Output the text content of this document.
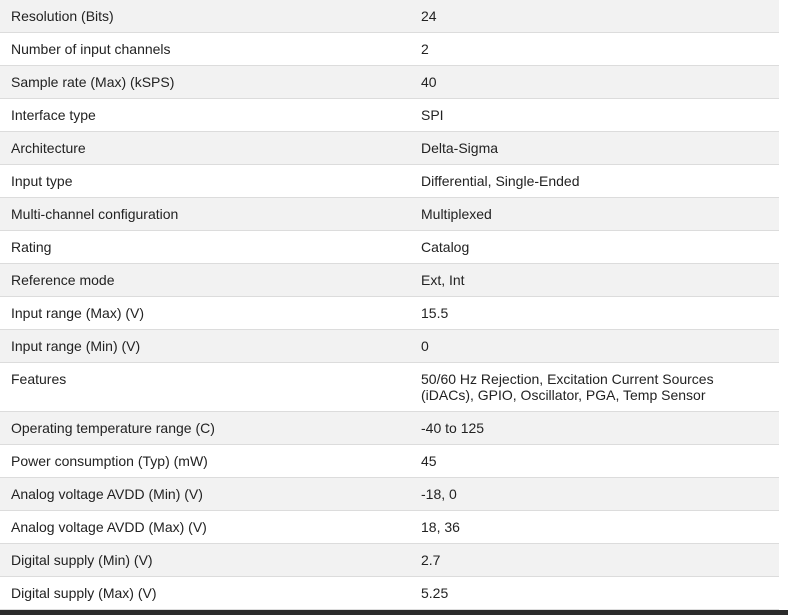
Resolution (Bits)	24
Number of input channels	2
Sample rate (Max) (kSPS)	40
Interface type	SPI
Architecture	Delta-Sigma
Input type	Differential, Single-Ended
Multi-channel configuration	Multiplexed
Rating	Catalog
Reference mode	Ext, Int
Input range (Max) (V)	15.5
Input range (Min) (V)	0
Features	50/60 Hz Rejection, Excitation Current Sources (iDACs), GPIO, Oscillator, PGA, Temp Sensor
Operating temperature range (C)	-40 to 125
Power consumption (Typ) (mW)	45
Analog voltage AVDD (Min) (V)	-18, 0
Analog voltage AVDD (Max) (V)	18, 36
Digital supply (Min) (V)	2.7
Digital supply (Max) (V)	5.25
